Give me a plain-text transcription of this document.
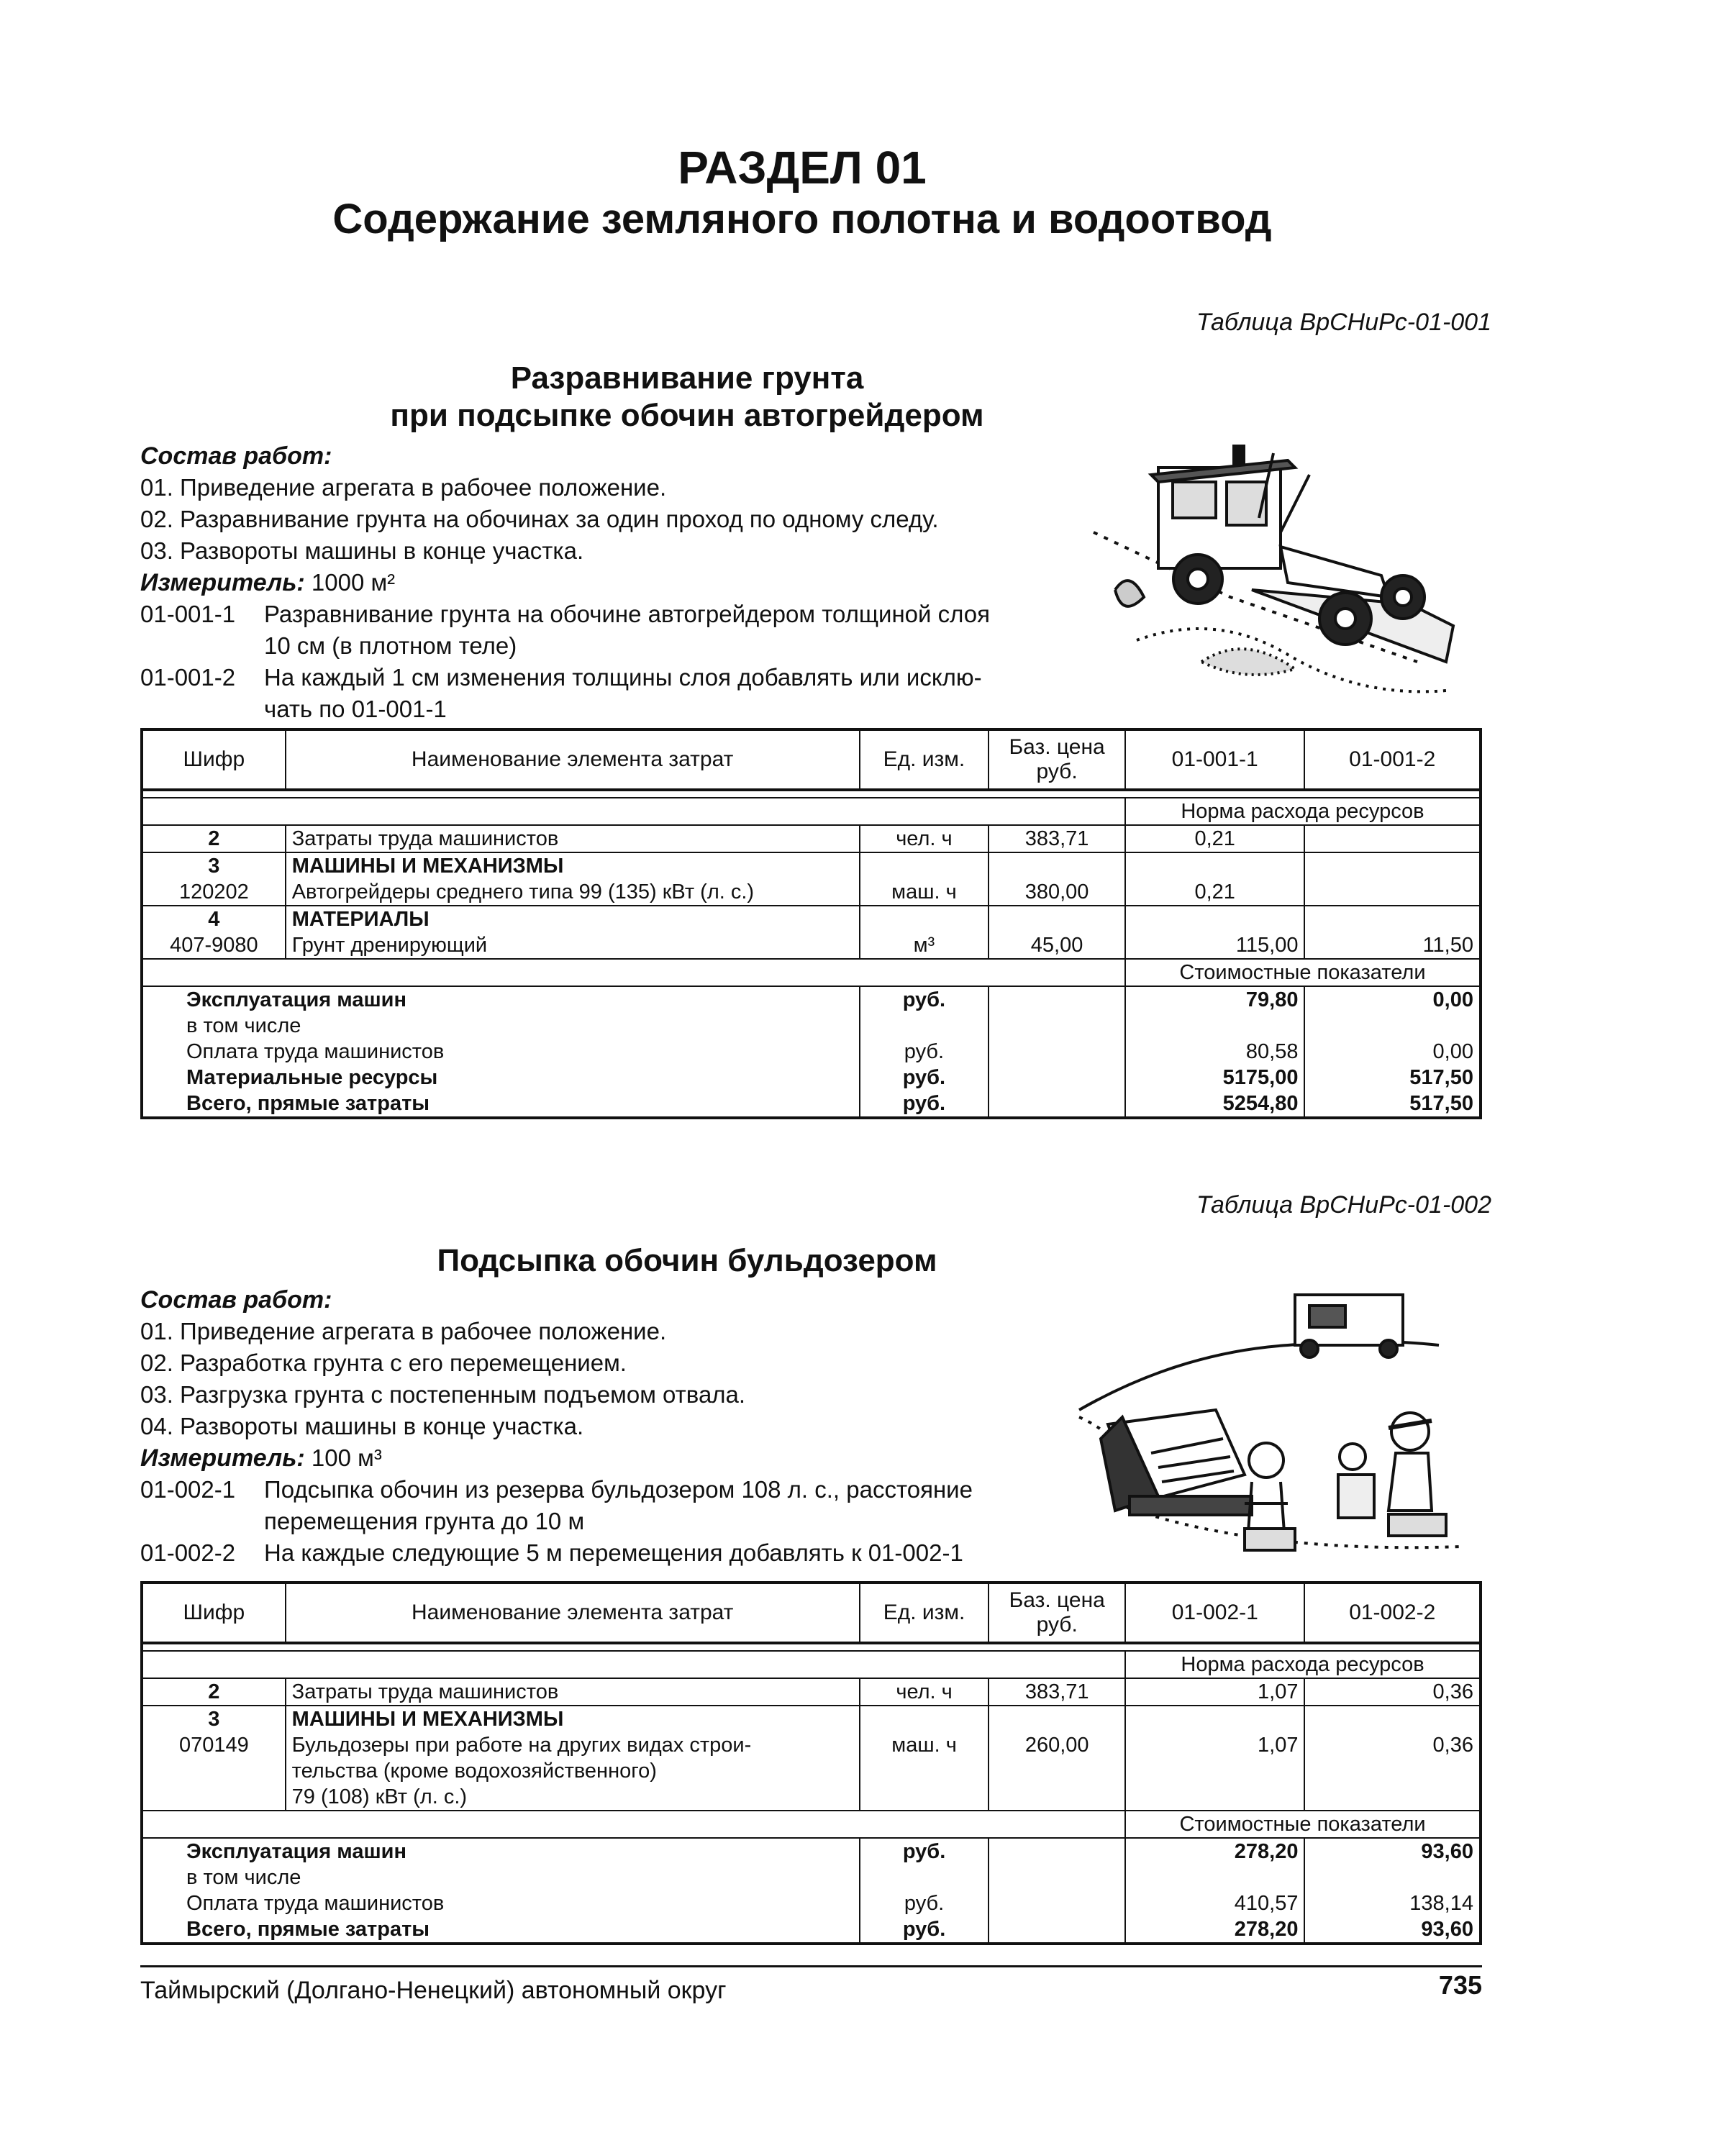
РАЗДЕЛ 01
Содержание земляного полотна и водоотвод
Таблица ВрСНиРс-01-001
Разравнивание грунта
при подсыпке обочин автогрейдером
Состав работ:
01. Приведение агрегата в рабочее положение.
02. Разравнивание грунта на обочинах за один проход по одному следу.
03. Развороты машины в конце участка.
Измеритель: 1000 м²
01-001-1	Разравнивание грунта на обочине автогрейдером толщиной слоя
10 см (в плотном теле)
01-001-2	На каждый 1 см изменения толщины слоя добавлять или исклю-
чать по 01-001-1
Шифр	Наименование элемента затрат	Ед. изм.	Баз. цена руб.	01-001-1	01-001-2

				Норма расхода ресурсов	
2	Затраты труда машинистов	чел. ч	383,71	0,21	
3	МАШИНЫ И МЕХАНИЗМЫ				
120202	Автогрейдеры среднего типа 99 (135) кВт (л. с.)	маш. ч	380,00	0,21	
4	МАТЕРИАЛЫ				
407-9080	Грунт дренирующий	м³	45,00	115,00	11,50
				Стоимостные показатели	
Эксплуатация машин		руб.		79,80	0,00
в том числе					
Оплата труда машинистов		руб.		80,58	0,00
Материальные ресурсы		руб.		5175,00	517,50
Всего, прямые затраты		руб.		5254,80	517,50
Таблица ВрСНиРс-01-002
Подсыпка обочин бульдозером
Состав работ:
01. Приведение агрегата в рабочее положение.
02. Разработка грунта с его перемещением.
03. Разгрузка грунта с постепенным подъемом отвала.
04. Развороты машины в конце участка.
Измеритель: 100 м³
01-002-1	Подсыпка обочин из резерва бульдозером 108 л. с., расстояние
перемещения грунта до 10 м
01-002-2	На каждые следующие 5 м перемещения добавлять к 01-002-1
Шифр	Наименование элемента затрат	Ед. изм.	Баз. цена руб.	01-002-1	01-002-2

				Норма расхода ресурсов	
2	Затраты труда машинистов	чел. ч	383,71	1,07	0,36
3	МАШИНЫ И МЕХАНИЗМЫ				
070149	Бульдозеры при работе на других видах строи-
тельства (кроме водохозяйственного)
79 (108) кВт (л. с.)	маш. ч	260,00	1,07	0,36
				Стоимостные показатели	
Эксплуатация машин		руб.		278,20	93,60
в том числе					
Оплата труда машинистов		руб.		410,57	138,14
Всего, прямые затраты		руб.		278,20	93,60
Таймырский (Долгано-Ненецкий) автономный округ	735
